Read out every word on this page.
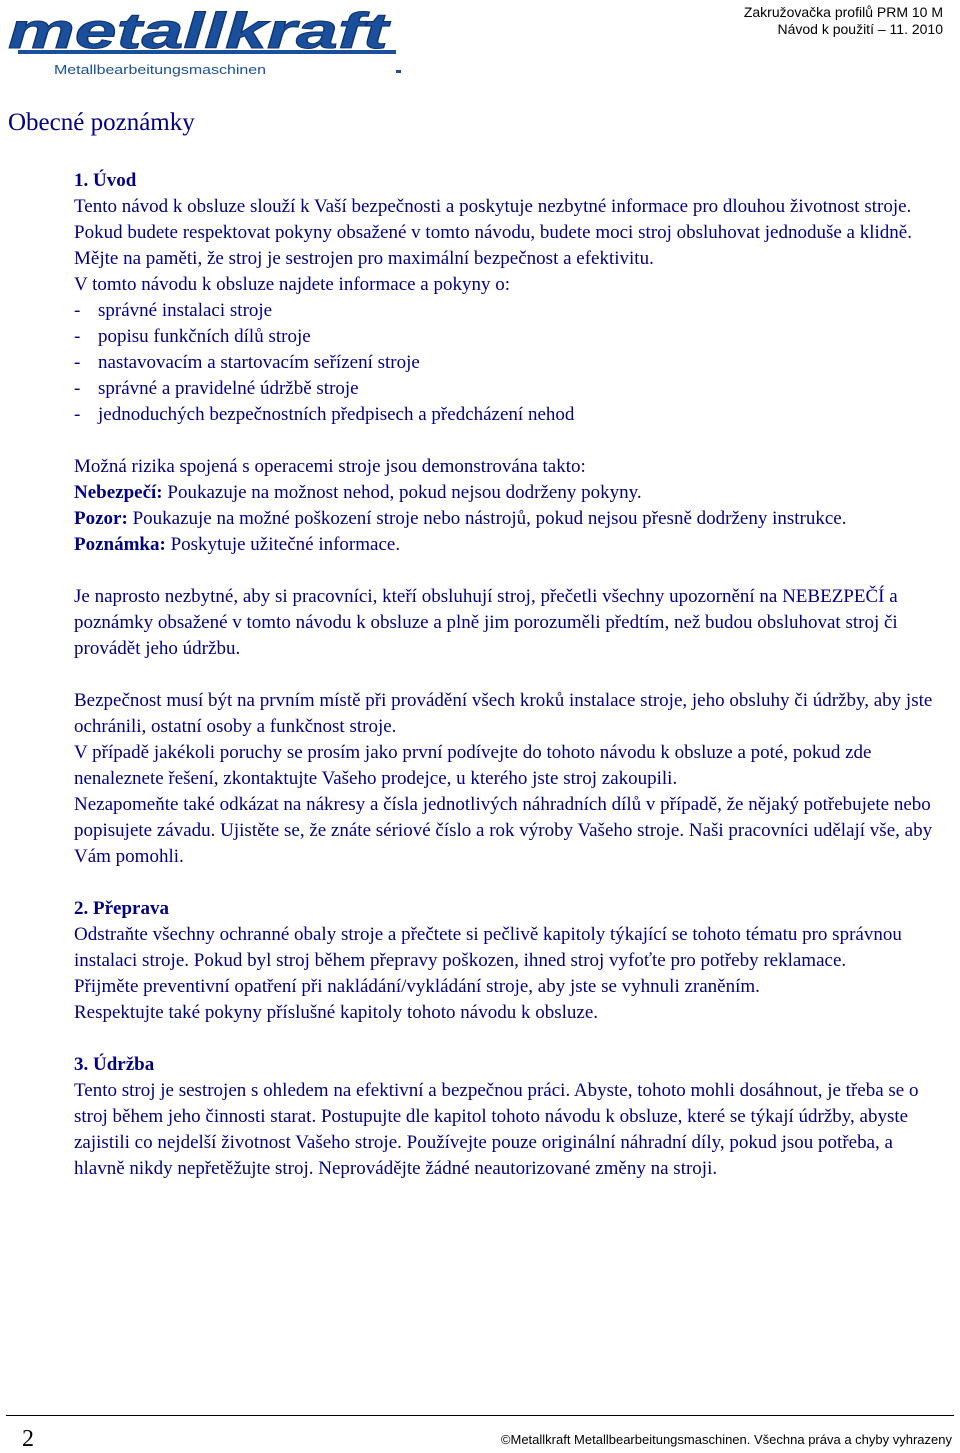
metallkraft
Metallbearbeitungsmaschinen
Zakružovačka profilů PRM 10 M
Návod k použití – 11. 2010
Obecné poznámky
1. Úvod

Tento návod k obsluze slouží k Vaší bezpečnosti a poskytuje nezbytné informace pro dlouhou životnost stroje. Pokud budete respektovat pokyny obsažené v tomto návodu, budete moci stroj obsluhovat jednoduše a klidně. Mějte na paměti, že stroj je sestrojen pro maximální bezpečnost a efektivitu.

V tomto návodu k obsluze najdete informace a pokyny o:

- správné instalaci stroje
- popisu funkčních dílů stroje
- nastavovacím a startovacím seřízení stroje
- správné a pravidelné údržbě stroje
- jednoduchých bezpečnostních předpisech a předcházení nehod

Možná rizika spojená s operacemi stroje jsou demonstrována takto:

Nebezpečí: Poukazuje na možnost nehod, pokud nejsou dodrženy pokyny.

Pozor: Poukazuje na možné poškození stroje nebo nástrojů, pokud nejsou přesně dodrženy instrukce.

Poznámka: Poskytuje užitečné informace.

Je naprosto nezbytné, aby si pracovníci, kteří obsluhují stroj, přečetli všechny upozornění na NEBEZPEČÍ a poznámky obsažené v tomto návodu k obsluze a plně jim porozuměli předtím, než budou obsluhovat stroj či provádět jeho údržbu.

Bezpečnost musí být na prvním místě při provádění všech kroků instalace stroje, jeho obsluhy či údržby, aby jste ochránili, ostatní osoby a funkčnost stroje.

V případě jakékoli poruchy se prosím jako první podívejte do tohoto návodu k obsluze a poté, pokud zde nenaleznete řešení, zkontaktujte Vašeho prodejce, u kterého jste stroj zakoupili.

Nezapomeňte také odkázat na nákresy a čísla jednotlivých náhradních dílů v případě, že nějaký potřebujete nebo popisujete závadu. Ujistěte se, že znáte sériové číslo a rok výroby Vašeho stroje. Naši pracovníci udělají vše, aby Vám pomohli.

2. Přeprava

Odstraňte všechny ochranné obaly stroje a přečtete si pečlivě kapitoly týkající se tohoto tématu pro správnou instalaci stroje. Pokud byl stroj během přepravy poškozen, ihned stroj vyfoťte pro potřeby reklamace.

Přijměte preventivní opatření při nakládání/vykládání stroje, aby jste se vyhnuli zraněním.

Respektujte také pokyny příslušné kapitoly tohoto návodu k obsluze.

3. Údržba

Tento stroj je sestrojen s ohledem na efektivní a bezpečnou práci. Abyste, tohoto mohli dosáhnout, je třeba se o stroj během jeho činnosti starat. Postupujte dle kapitol tohoto návodu k obsluze, které se týkají údržby, abyste zajistili co nejdelší životnost Vašeho stroje. Používejte pouze originální náhradní díly, pokud jsou potřeba, a hlavně nikdy nepřetěžujte stroj. Neprovádějte žádné neautorizované změny na stroji.

2	©Metallkraft Metallbearbeitungsmaschinen. Všechna práva a chyby vyhrazeny
